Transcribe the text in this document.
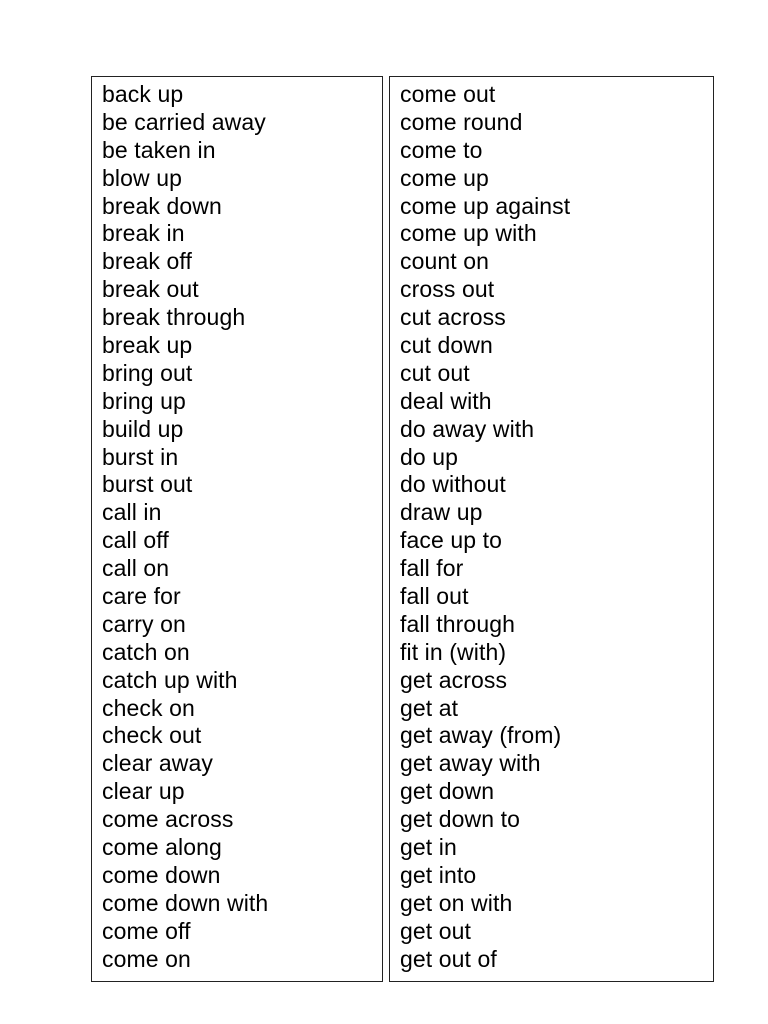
back up
be carried away
be taken in
blow up
break down
break in
break off
break out
break through
break up
bring out
bring up
build up
burst in
burst out
call in
call off
call on
care for
carry on
catch on
catch up with
check on
check out
clear away
clear up
come across
come along
come down
come down with
come off
come on
come out
come round
come to
come up
come up against
come up with
count on
cross out
cut across
cut down
cut out
deal with
do away with
do up
do without
draw up
face up to
fall for
fall out
fall through
fit in (with)
get across
get at
get away (from)
get away with
get down
get down to
get in
get into
get on with
get out
get out of
